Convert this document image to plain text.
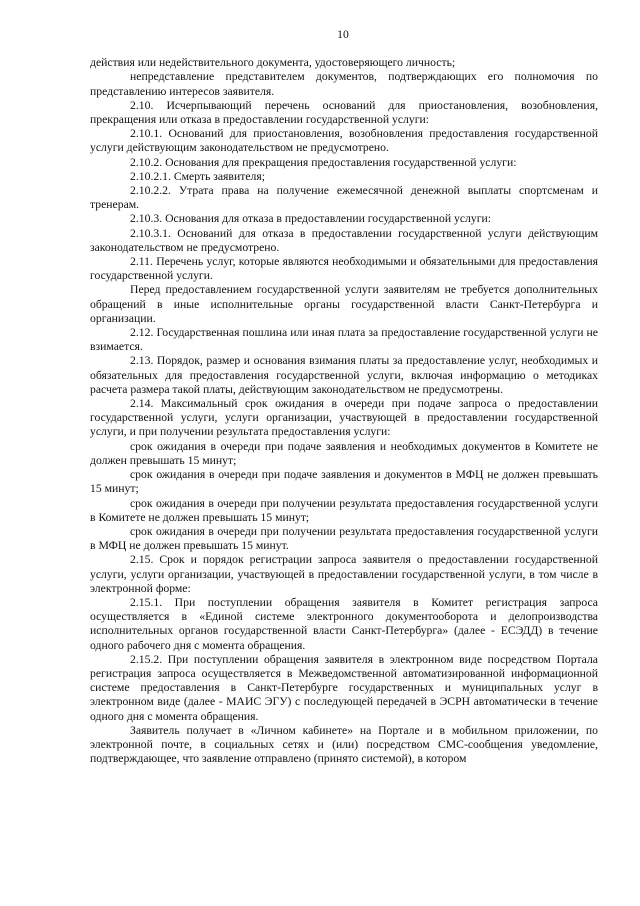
10

действия или недействительного документа, удостоверяющего личность;

непредставление представителем документов, подтверждающих его полномочия по представлению интересов заявителя.

2.10. Исчерпывающий перечень оснований для приостановления, возобновления, прекращения или отказа в предоставлении государственной услуги:

2.10.1. Оснований для приостановления, возобновления предоставления государственной услуги действующим законодательством не предусмотрено.

2.10.2. Основания для прекращения предоставления государственной услуги:

2.10.2.1. Смерть заявителя;

2.10.2.2. Утрата права на получение ежемесячной денежной выплаты спортсменам и тренерам.

2.10.3. Основания для отказа в предоставлении государственной услуги:

2.10.3.1. Оснований для отказа в предоставлении государственной услуги действующим законодательством не предусмотрено.

2.11. Перечень услуг, которые являются необходимыми и обязательными для предоставления государственной услуги.

Перед предоставлением государственной услуги заявителям не требуется дополнительных обращений в иные исполнительные органы государственной власти Санкт-Петербурга и организации.

2.12. Государственная пошлина или иная плата за предоставление государственной услуги не взимается.

2.13. Порядок, размер и основания взимания платы за предоставление услуг, необходимых и обязательных для предоставления государственной услуги, включая информацию о методиках расчета размера такой платы, действующим законодательством не предусмотрены.

2.14. Максимальный срок ожидания в очереди при подаче запроса о предоставлении государственной услуги, услуги организации, участвующей в предоставлении государственной услуги, и при получении результата предоставления услуги:

срок ожидания в очереди при подаче заявления и необходимых документов в Комитете не должен превышать 15 минут;

срок ожидания в очереди при подаче заявления и документов в МФЦ не должен превышать 15 минут;

срок ожидания в очереди при получении результата предоставления государственной услуги в Комитете не должен превышать 15 минут;

срок ожидания в очереди при получении результата предоставления государственной услуги в МФЦ не должен превышать 15 минут.

2.15. Срок и порядок регистрации запроса заявителя о предоставлении государственной услуги, услуги организации, участвующей в предоставлении государственной услуги, в том числе в электронной форме:

2.15.1. При поступлении обращения заявителя в Комитет регистрация запроса осуществляется в «Единой системе электронного документооборота и делопроизводства исполнительных органов государственной власти Санкт-Петербурга» (далее - ЕСЭДД) в течение одного рабочего дня с момента обращения.

2.15.2. При поступлении обращения заявителя в электронном виде посредством Портала регистрация запроса осуществляется в Межведомственной автоматизированной информационной системе предоставления в Санкт-Петербурге государственных и муниципальных услуг в электронном виде (далее - МАИС ЭГУ) с последующей передачей в ЭСРН автоматически в течение одного дня с момента обращения.

Заявитель получает в «Личном кабинете» на Портале и в мобильном приложении, по электронной почте, в социальных сетях и (или) посредством СМС-сообщения уведомление, подтверждающее, что заявление отправлено (принято системой), в котором
